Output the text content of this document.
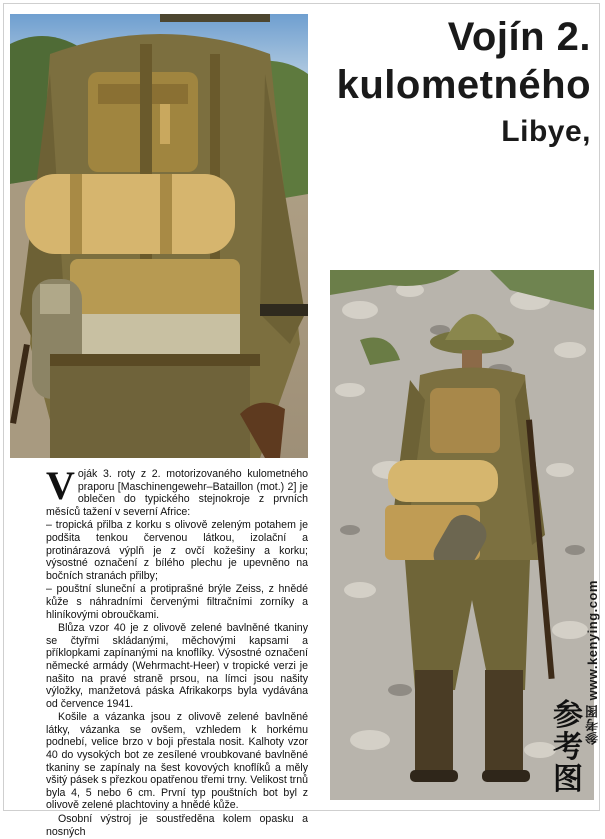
Vojín 2.
kulometného
Libye,

Voják 3. roty z 2. motorizovaného kulometného praporu [Maschinengewehr–Bataillon (mot.) 2] je oblečen do typického stejnokroje z prvních měsíců tažení v severní Africe:

– tropická přilba z korku s olivově zeleným potahem je podšita tenkou červenou látkou, izolační a protinárazová výplň je z ovčí kožešiny a korku; výsostné označení z bílého plechu je upevněno na bočních stranách přilby;

– pouštní sluneční a protiprašné brýle Zeiss, z hnědé kůže s náhradními červenými filtračními zorníky a hliníkovými obroučkami.

Blůza vzor 40 je z olivově zelené bavlněné tkaniny se čtyřmi skládanými, měchovými kapsami a příklopkami zapínanými na knoflíky. Výsostné označení německé armády (Wehrmacht-Heer) v tropické verzi je našito na pravé straně prsou, na límci jsou našity výložky, manžetová páska Afrikakorps byla vydávána od července 1941.

Košile a vázanka jsou z olivově zelené bavlněné látky, vázanka se ovšem, vzhledem k horkému podnebí, velice brzo v boji přestala nosit. Kalhoty vzor 40 do vysokých bot ze zesílené vroubkované bavlněné tkaniny se zapínaly na šest kovových knoflíků a měly všitý pásek s přezkou opatřenou třemi trny. Velikost trnů byla 4, 5 nebo 6 cm. První typ pouštních bot byl z olivově zelené plachtoviny a hnědé kůže.

Osobní výstroj je soustředěna kolem opasku a nosných

参考图 www.kenying.com
参考图
